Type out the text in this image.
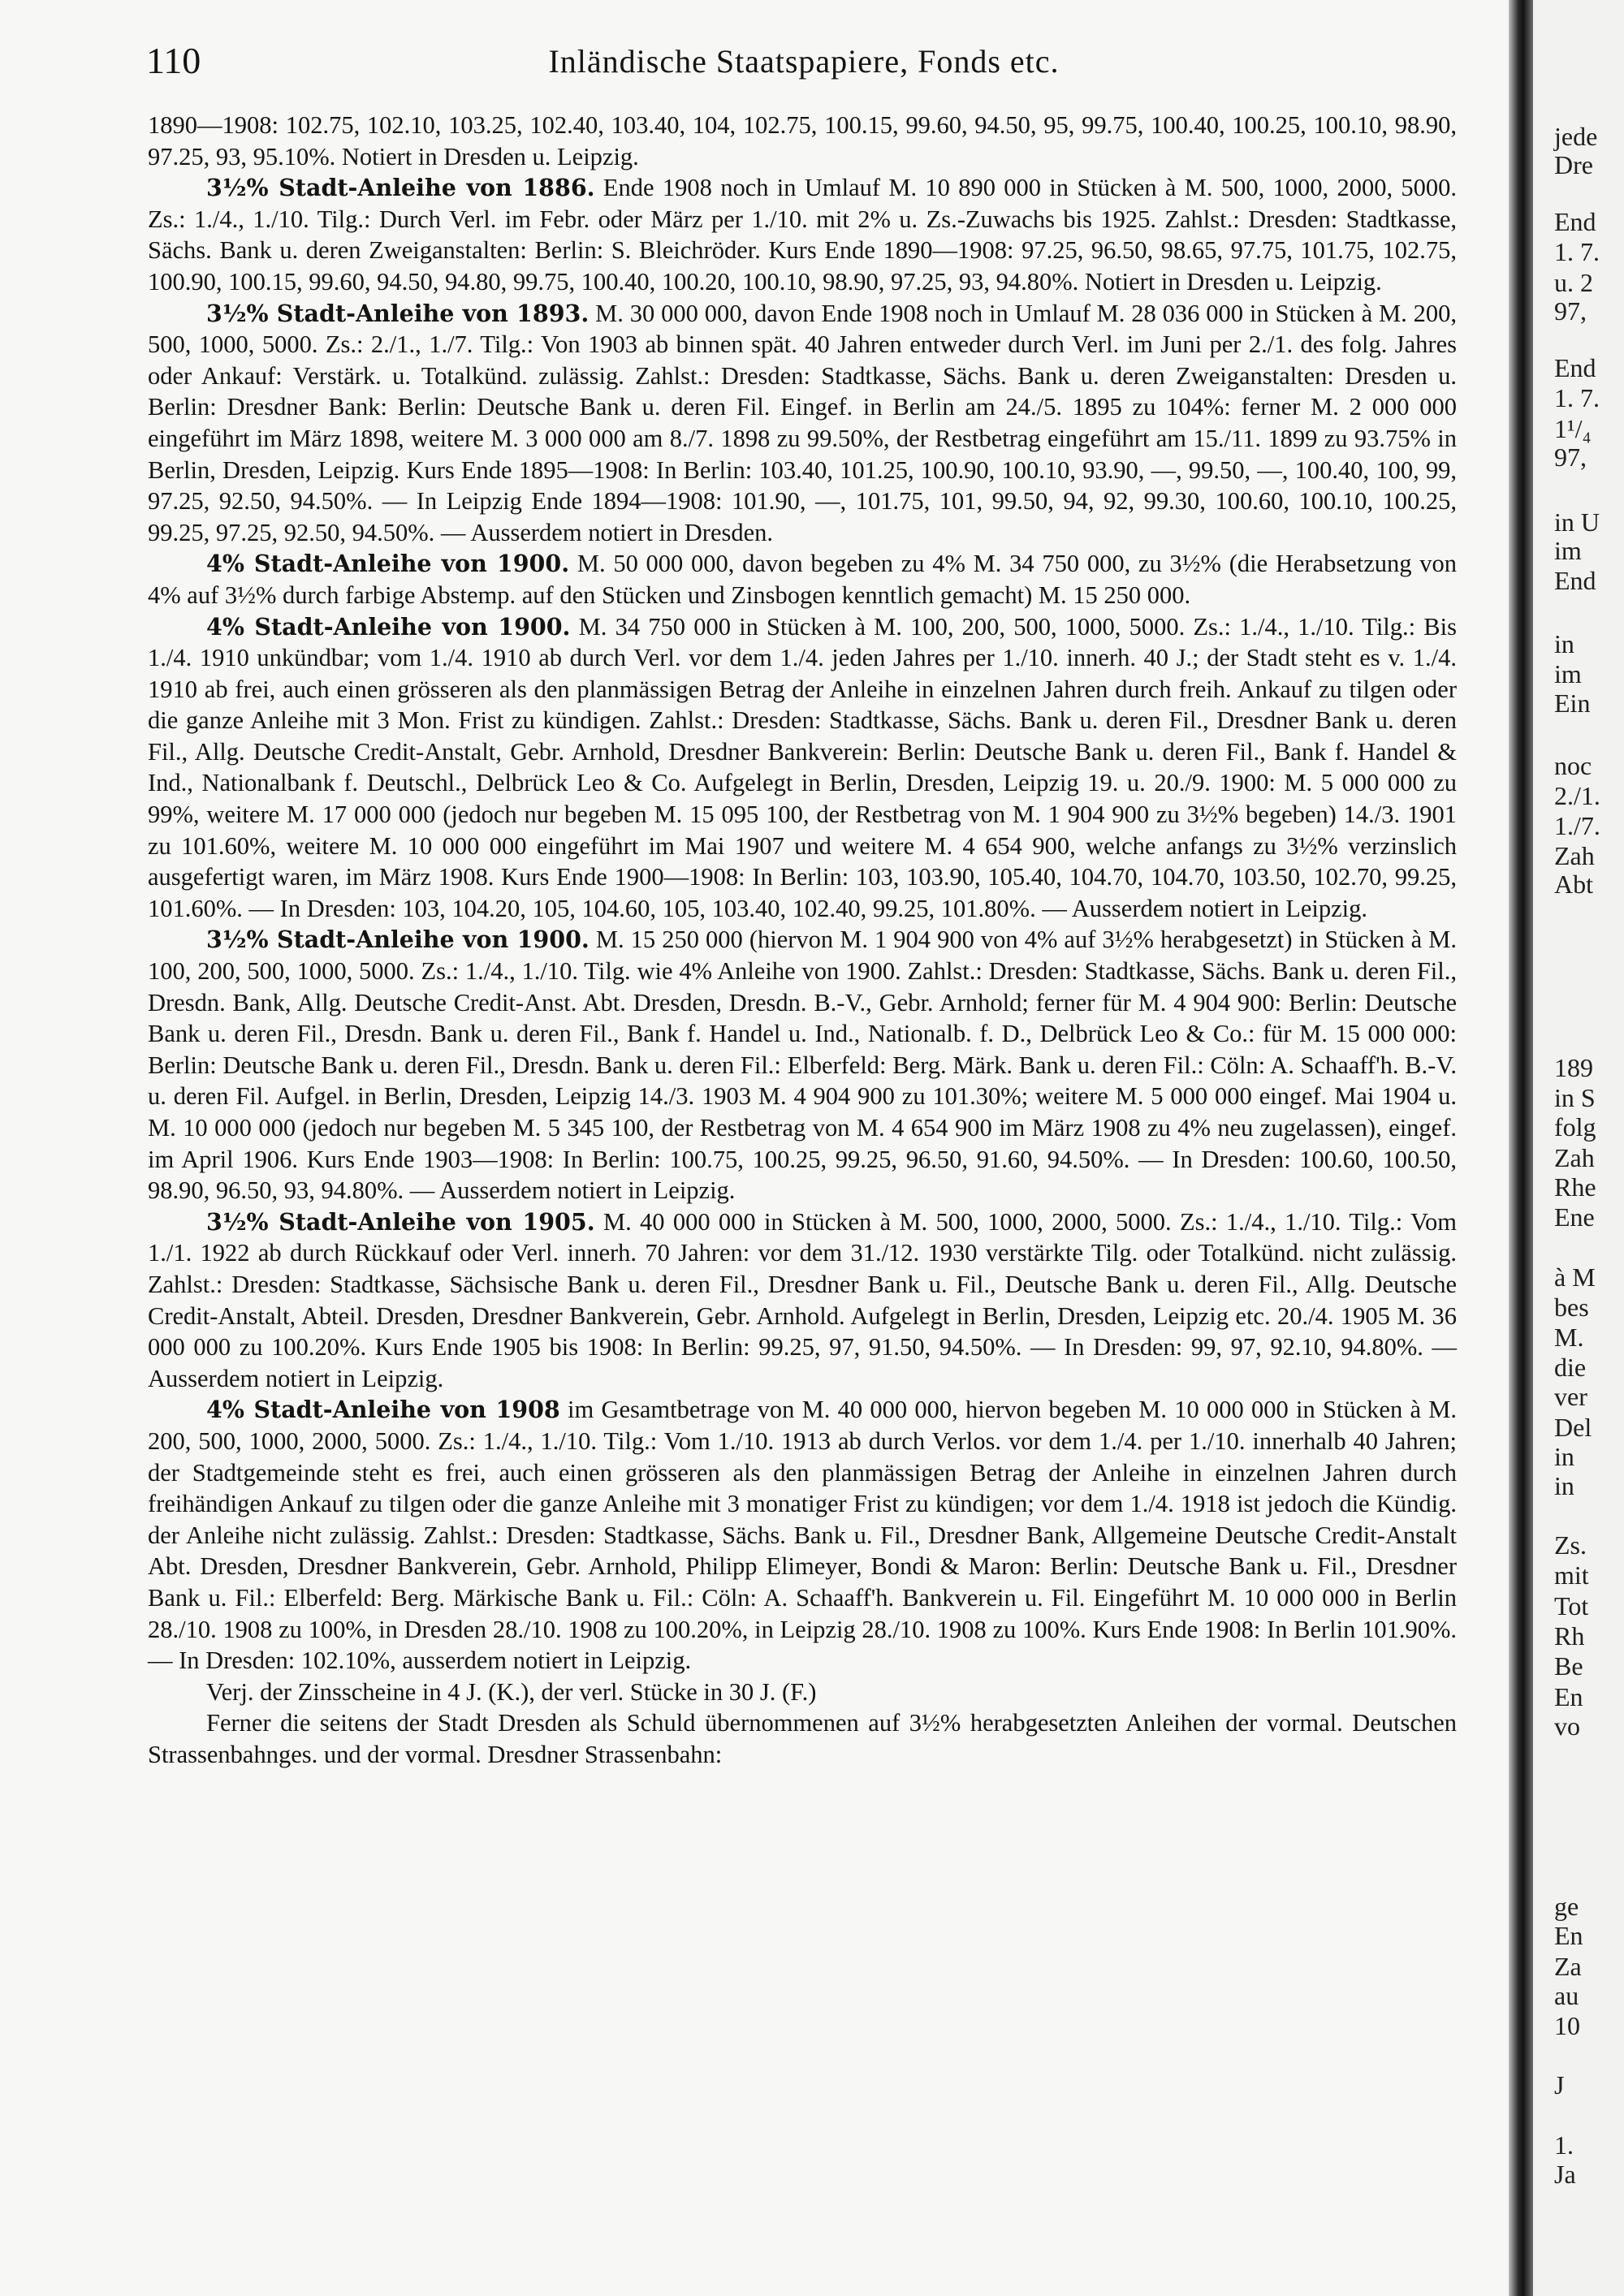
110	Inländische Staatspapiere, Fonds etc.

1890—1908: 102.75, 102.10, 103.25, 102.40, 103.40, 104, 102.75, 100.15, 99.60, 94.50, 95, 99.75, 100.40, 100.25, 100.10, 98.90, 97.25, 93, 95.10%. Notiert in Dresden u. Leipzig.

3½% Stadt-Anleihe von 1886. Ende 1908 noch in Umlauf M. 10 890 000 in Stücken à M. 500, 1000, 2000, 5000. Zs.: 1./4., 1./10. Tilg.: Durch Verl. im Febr. oder März per 1./10. mit 2% u. Zs.-Zuwachs bis 1925. Zahlst.: Dresden: Stadtkasse, Sächs. Bank u. deren Zweiganstalten: Berlin: S. Bleichröder. Kurs Ende 1890—1908: 97.25, 96.50, 98.65, 97.75, 101.75, 102.75, 100.90, 100.15, 99.60, 94.50, 94.80, 99.75, 100.40, 100.20, 100.10, 98.90, 97.25, 93, 94.80%. Notiert in Dresden u. Leipzig.

3½% Stadt-Anleihe von 1893. M. 30 000 000, davon Ende 1908 noch in Umlauf M. 28 036 000 in Stücken à M. 200, 500, 1000, 5000. Zs.: 2./1., 1./7. Tilg.: Von 1903 ab binnen spät. 40 Jahren entweder durch Verl. im Juni per 2./1. des folg. Jahres oder Ankauf: Verstärk. u. Totalkünd. zulässig. Zahlst.: Dresden: Stadtkasse, Sächs. Bank u. deren Zweiganstalten: Dresden u. Berlin: Dresdner Bank: Berlin: Deutsche Bank u. deren Fil. Eingef. in Berlin am 24./5. 1895 zu 104%: ferner M. 2 000 000 eingeführt im März 1898, weitere M. 3 000 000 am 8./7. 1898 zu 99.50%, der Restbetrag eingeführt am 15./11. 1899 zu 93.75% in Berlin, Dresden, Leipzig. Kurs Ende 1895—1908: In Berlin: 103.40, 101.25, 100.90, 100.10, 93.90, —, 99.50, —, 100.40, 100, 99, 97.25, 92.50, 94.50%. — In Leipzig Ende 1894—1908: 101.90, —, 101.75, 101, 99.50, 94, 92, 99.30, 100.60, 100.10, 100.25, 99.25, 97.25, 92.50, 94.50%. — Ausserdem notiert in Dresden.

4% Stadt-Anleihe von 1900. M. 50 000 000, davon begeben zu 4% M. 34 750 000, zu 3½% (die Herabsetzung von 4% auf 3½% durch farbige Abstemp. auf den Stücken und Zinsbogen kenntlich gemacht) M. 15 250 000.

4% Stadt-Anleihe von 1900. M. 34 750 000 in Stücken à M. 100, 200, 500, 1000, 5000. Zs.: 1./4., 1./10. Tilg.: Bis 1./4. 1910 unkündbar; vom 1./4. 1910 ab durch Verl. vor dem 1./4. jeden Jahres per 1./10. innerh. 40 J.; der Stadt steht es v. 1./4. 1910 ab frei, auch einen grösseren als den planmässigen Betrag der Anleihe in einzelnen Jahren durch freih. Ankauf zu tilgen oder die ganze Anleihe mit 3 Mon. Frist zu kündigen. Zahlst.: Dresden: Stadtkasse, Sächs. Bank u. deren Fil., Dresdner Bank u. deren Fil., Allg. Deutsche Credit-Anstalt, Gebr. Arnhold, Dresdner Bankverein: Berlin: Deutsche Bank u. deren Fil., Bank f. Handel & Ind., Nationalbank f. Deutschl., Delbrück Leo & Co. Aufgelegt in Berlin, Dresden, Leipzig 19. u. 20./9. 1900: M. 5 000 000 zu 99%, weitere M. 17 000 000 (jedoch nur begeben M. 15 095 100, der Restbetrag von M. 1 904 900 zu 3½% begeben) 14./3. 1901 zu 101.60%, weitere M. 10 000 000 eingeführt im Mai 1907 und weitere M. 4 654 900, welche anfangs zu 3½% verzinslich ausgefertigt waren, im März 1908. Kurs Ende 1900—1908: In Berlin: 103, 103.90, 105.40, 104.70, 104.70, 103.50, 102.70, 99.25, 101.60%. — In Dresden: 103, 104.20, 105, 104.60, 105, 103.40, 102.40, 99.25, 101.80%. — Ausserdem notiert in Leipzig.

3½% Stadt-Anleihe von 1900. M. 15 250 000 (hiervon M. 1 904 900 von 4% auf 3½% herabgesetzt) in Stücken à M. 100, 200, 500, 1000, 5000. Zs.: 1./4., 1./10. Tilg. wie 4% Anleihe von 1900. Zahlst.: Dresden: Stadtkasse, Sächs. Bank u. deren Fil., Dresdn. Bank, Allg. Deutsche Credit-Anst. Abt. Dresden, Dresdn. B.-V., Gebr. Arnhold; ferner für M. 4 904 900: Berlin: Deutsche Bank u. deren Fil., Dresdn. Bank u. deren Fil., Bank f. Handel u. Ind., Nationalb. f. D., Delbrück Leo & Co.: für M. 15 000 000: Berlin: Deutsche Bank u. deren Fil., Dresdn. Bank u. deren Fil.: Elberfeld: Berg. Märk. Bank u. deren Fil.: Cöln: A. Schaaff'h. B.-V. u. deren Fil. Aufgel. in Berlin, Dresden, Leipzig 14./3. 1903 M. 4 904 900 zu 101.30%; weitere M. 5 000 000 eingef. Mai 1904 u. M. 10 000 000 (jedoch nur begeben M. 5 345 100, der Restbetrag von M. 4 654 900 im März 1908 zu 4% neu zugelassen), eingef. im April 1906. Kurs Ende 1903—1908: In Berlin: 100.75, 100.25, 99.25, 96.50, 91.60, 94.50%. — In Dresden: 100.60, 100.50, 98.90, 96.50, 93, 94.80%. — Ausserdem notiert in Leipzig.

3½% Stadt-Anleihe von 1905. M. 40 000 000 in Stücken à M. 500, 1000, 2000, 5000. Zs.: 1./4., 1./10. Tilg.: Vom 1./1. 1922 ab durch Rückkauf oder Verl. innerh. 70 Jahren: vor dem 31./12. 1930 verstärkte Tilg. oder Totalkünd. nicht zulässig. Zahlst.: Dresden: Stadtkasse, Sächsische Bank u. deren Fil., Dresdner Bank u. Fil., Deutsche Bank u. deren Fil., Allg. Deutsche Credit-Anstalt, Abteil. Dresden, Dresdner Bankverein, Gebr. Arnhold. Aufgelegt in Berlin, Dresden, Leipzig etc. 20./4. 1905 M. 36 000 000 zu 100.20%. Kurs Ende 1905 bis 1908: In Berlin: 99.25, 97, 91.50, 94.50%. — In Dresden: 99, 97, 92.10, 94.80%. — Ausserdem notiert in Leipzig.

4% Stadt-Anleihe von 1908 im Gesamtbetrage von M. 40 000 000, hiervon begeben M. 10 000 000 in Stücken à M. 200, 500, 1000, 2000, 5000. Zs.: 1./4., 1./10. Tilg.: Vom 1./10. 1913 ab durch Verlos. vor dem 1./4. per 1./10. innerhalb 40 Jahren; der Stadtgemeinde steht es frei, auch einen grösseren als den planmässigen Betrag der Anleihe in einzelnen Jahren durch freihändigen Ankauf zu tilgen oder die ganze Anleihe mit 3 monatiger Frist zu kündigen; vor dem 1./4. 1918 ist jedoch die Kündig. der Anleihe nicht zulässig. Zahlst.: Dresden: Stadtkasse, Sächs. Bank u. Fil., Dresdner Bank, Allgemeine Deutsche Credit-Anstalt Abt. Dresden, Dresdner Bankverein, Gebr. Arnhold, Philipp Elimeyer, Bondi & Maron: Berlin: Deutsche Bank u. Fil., Dresdner Bank u. Fil.: Elberfeld: Berg. Märkische Bank u. Fil.: Cöln: A. Schaaff'h. Bankverein u. Fil. Eingeführt M. 10 000 000 in Berlin 28./10. 1908 zu 100%, in Dresden 28./10. 1908 zu 100.20%, in Leipzig 28./10. 1908 zu 100%. Kurs Ende 1908: In Berlin 101.90%. — In Dresden: 102.10%, ausserdem notiert in Leipzig.

Verj. der Zinsscheine in 4 J. (K.), der verl. Stücke in 30 J. (F.)

Ferner die seitens der Stadt Dresden als Schuld übernommenen auf 3½% herabgesetzten Anleihen der vormal. Deutschen Strassenbahnges. und der vormal. Dresdner Strassenbahn:

jede
Dre
End
1. 7.
u. 2
97,
End
1. 7.
1¹/₄
97,
in U
im
End
in
im
Ein
noc
2./1.
1./7.
Zah
Abt
189
in S
folg
Zah
Rhe
Ene
à M
bes
M.
die
ver
Del
in
in
Zs.
mit
Tot
Rh
Be
En
vo
ge
En
Za
au
10
J
1.
Ja
